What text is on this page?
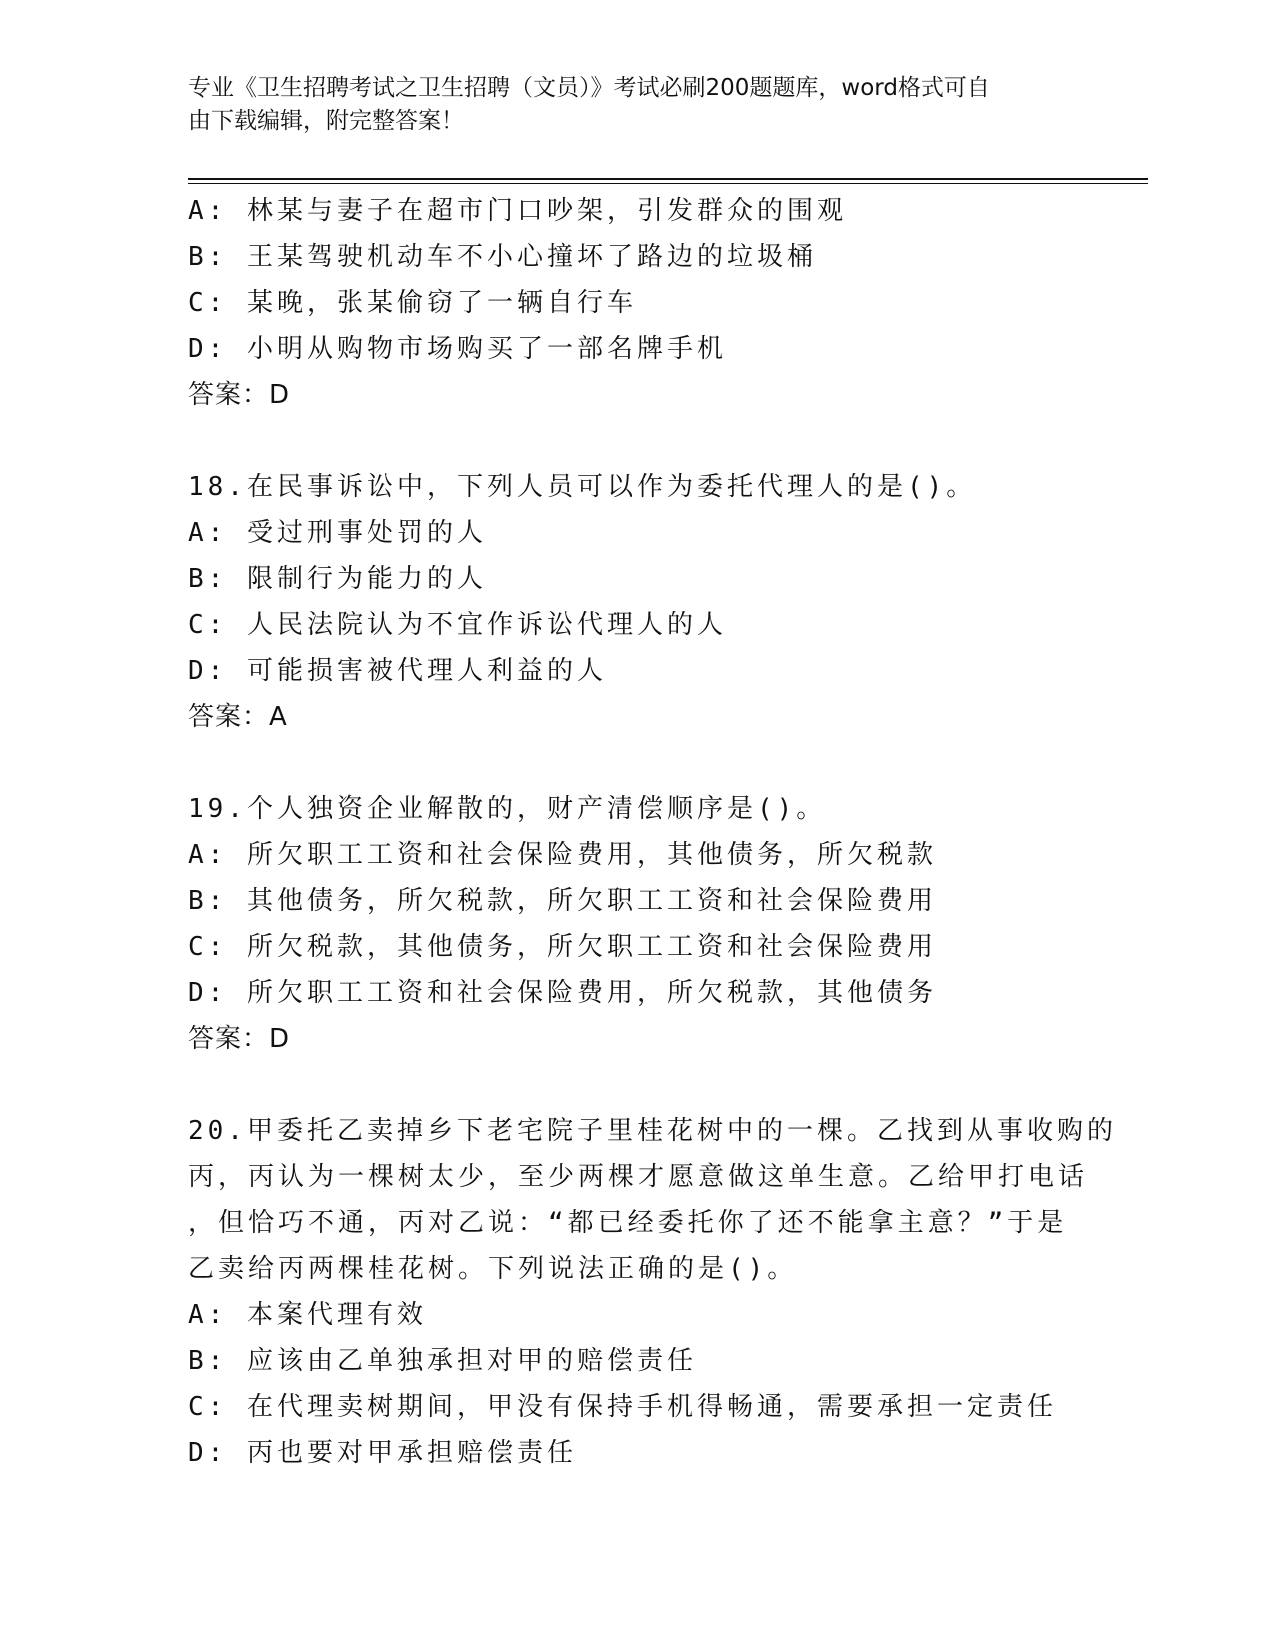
专业《卫生招聘考试之卫生招聘（文员）》考试必刷200题题库，word格式可自
由下载编辑，附完整答案！
A: 林某与妻子在超市门口吵架，引发群众的围观
B: 王某驾驶机动车不小心撞坏了路边的垃圾桶
C: 某晚，张某偷窃了一辆自行车
D: 小明从购物市场购买了一部名牌手机
答案：D
18.在民事诉讼中，下列人员可以作为委托代理人的是()。
A: 受过刑事处罚的人
B: 限制行为能力的人
C: 人民法院认为不宜作诉讼代理人的人
D: 可能损害被代理人利益的人
答案：A
19.个人独资企业解散的，财产清偿顺序是()。
A: 所欠职工工资和社会保险费用，其他债务，所欠税款
B: 其他债务，所欠税款，所欠职工工资和社会保险费用
C: 所欠税款，其他债务，所欠职工工资和社会保险费用
D: 所欠职工工资和社会保险费用，所欠税款，其他债务
答案：D
20.甲委托乙卖掉乡下老宅院子里桂花树中的一棵。乙找到从事收购的
丙，丙认为一棵树太少，至少两棵才愿意做这单生意。乙给甲打电话
，但恰巧不通，丙对乙说：“都已经委托你了还不能拿主意？”于是
乙卖给丙两棵桂花树。下列说法正确的是()。
A: 本案代理有效
B: 应该由乙单独承担对甲的赔偿责任
C: 在代理卖树期间，甲没有保持手机得畅通，需要承担一定责任
D: 丙也要对甲承担赔偿责任
